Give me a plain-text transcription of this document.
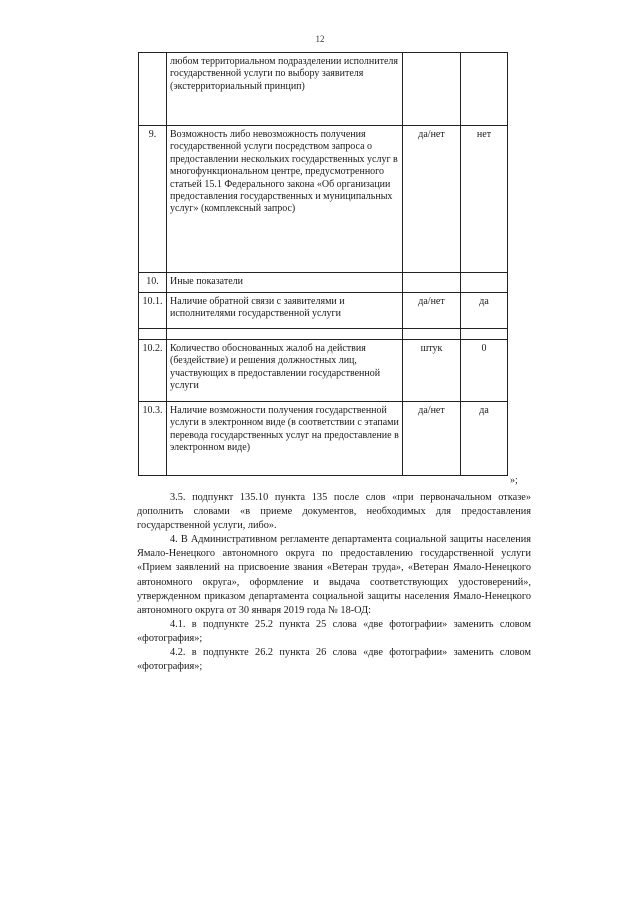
12
	любом территориальном подразделении исполнителя государственной услуги по выбору заявителя (экстерриториальный принцип)		
9.	Возможность либо невозможность получения государственной услуги посредством запроса о предоставлении нескольких государственных услуг в многофункциональном центре, предусмотренного статьей 15.1 Федерального закона «Об организации предоставления государственных и муниципальных услуг» (комплексный запрос)	да/нет	нет
10.	Иные показатели		
10.1.	Наличие обратной связи с заявителями и исполнителями государственной услуги	да/нет	да

10.2.	Количество обоснованных жалоб на действия (бездействие) и решения должностных лиц, участвующих в предоставлении государственной услуги	штук	0
10.3.	Наличие возможности получения государственной услуги в электронном виде (в соответствии с этапами перевода государственных услуг на предоставление в электронном виде)	да/нет	да
»;

3.5. подпункт 135.10 пункта 135 после слов «при первоначальном отказе» дополнить словами «в приеме документов, необходимых для предоставления государственной услуги, либо».

4. В Административном регламенте департамента социальной защиты населения Ямало-Ненецкого автономного округа по предоставлению государственной услуги «Прием заявлений на присвоение звания «Ветеран труда», «Ветеран Ямало-Ненецкого автономного округа», оформление и выдача соответствующих удостоверений», утвержденном приказом департамента социальной защиты населения Ямало-Ненецкого автономного округа от 30 января 2019 года № 18-ОД:

4.1. в подпункте 25.2 пункта 25 слова «две фотографии» заменить словом «фотография»;

4.2. в подпункте 26.2 пункта 26 слова «две фотографии» заменить словом «фотография»;
